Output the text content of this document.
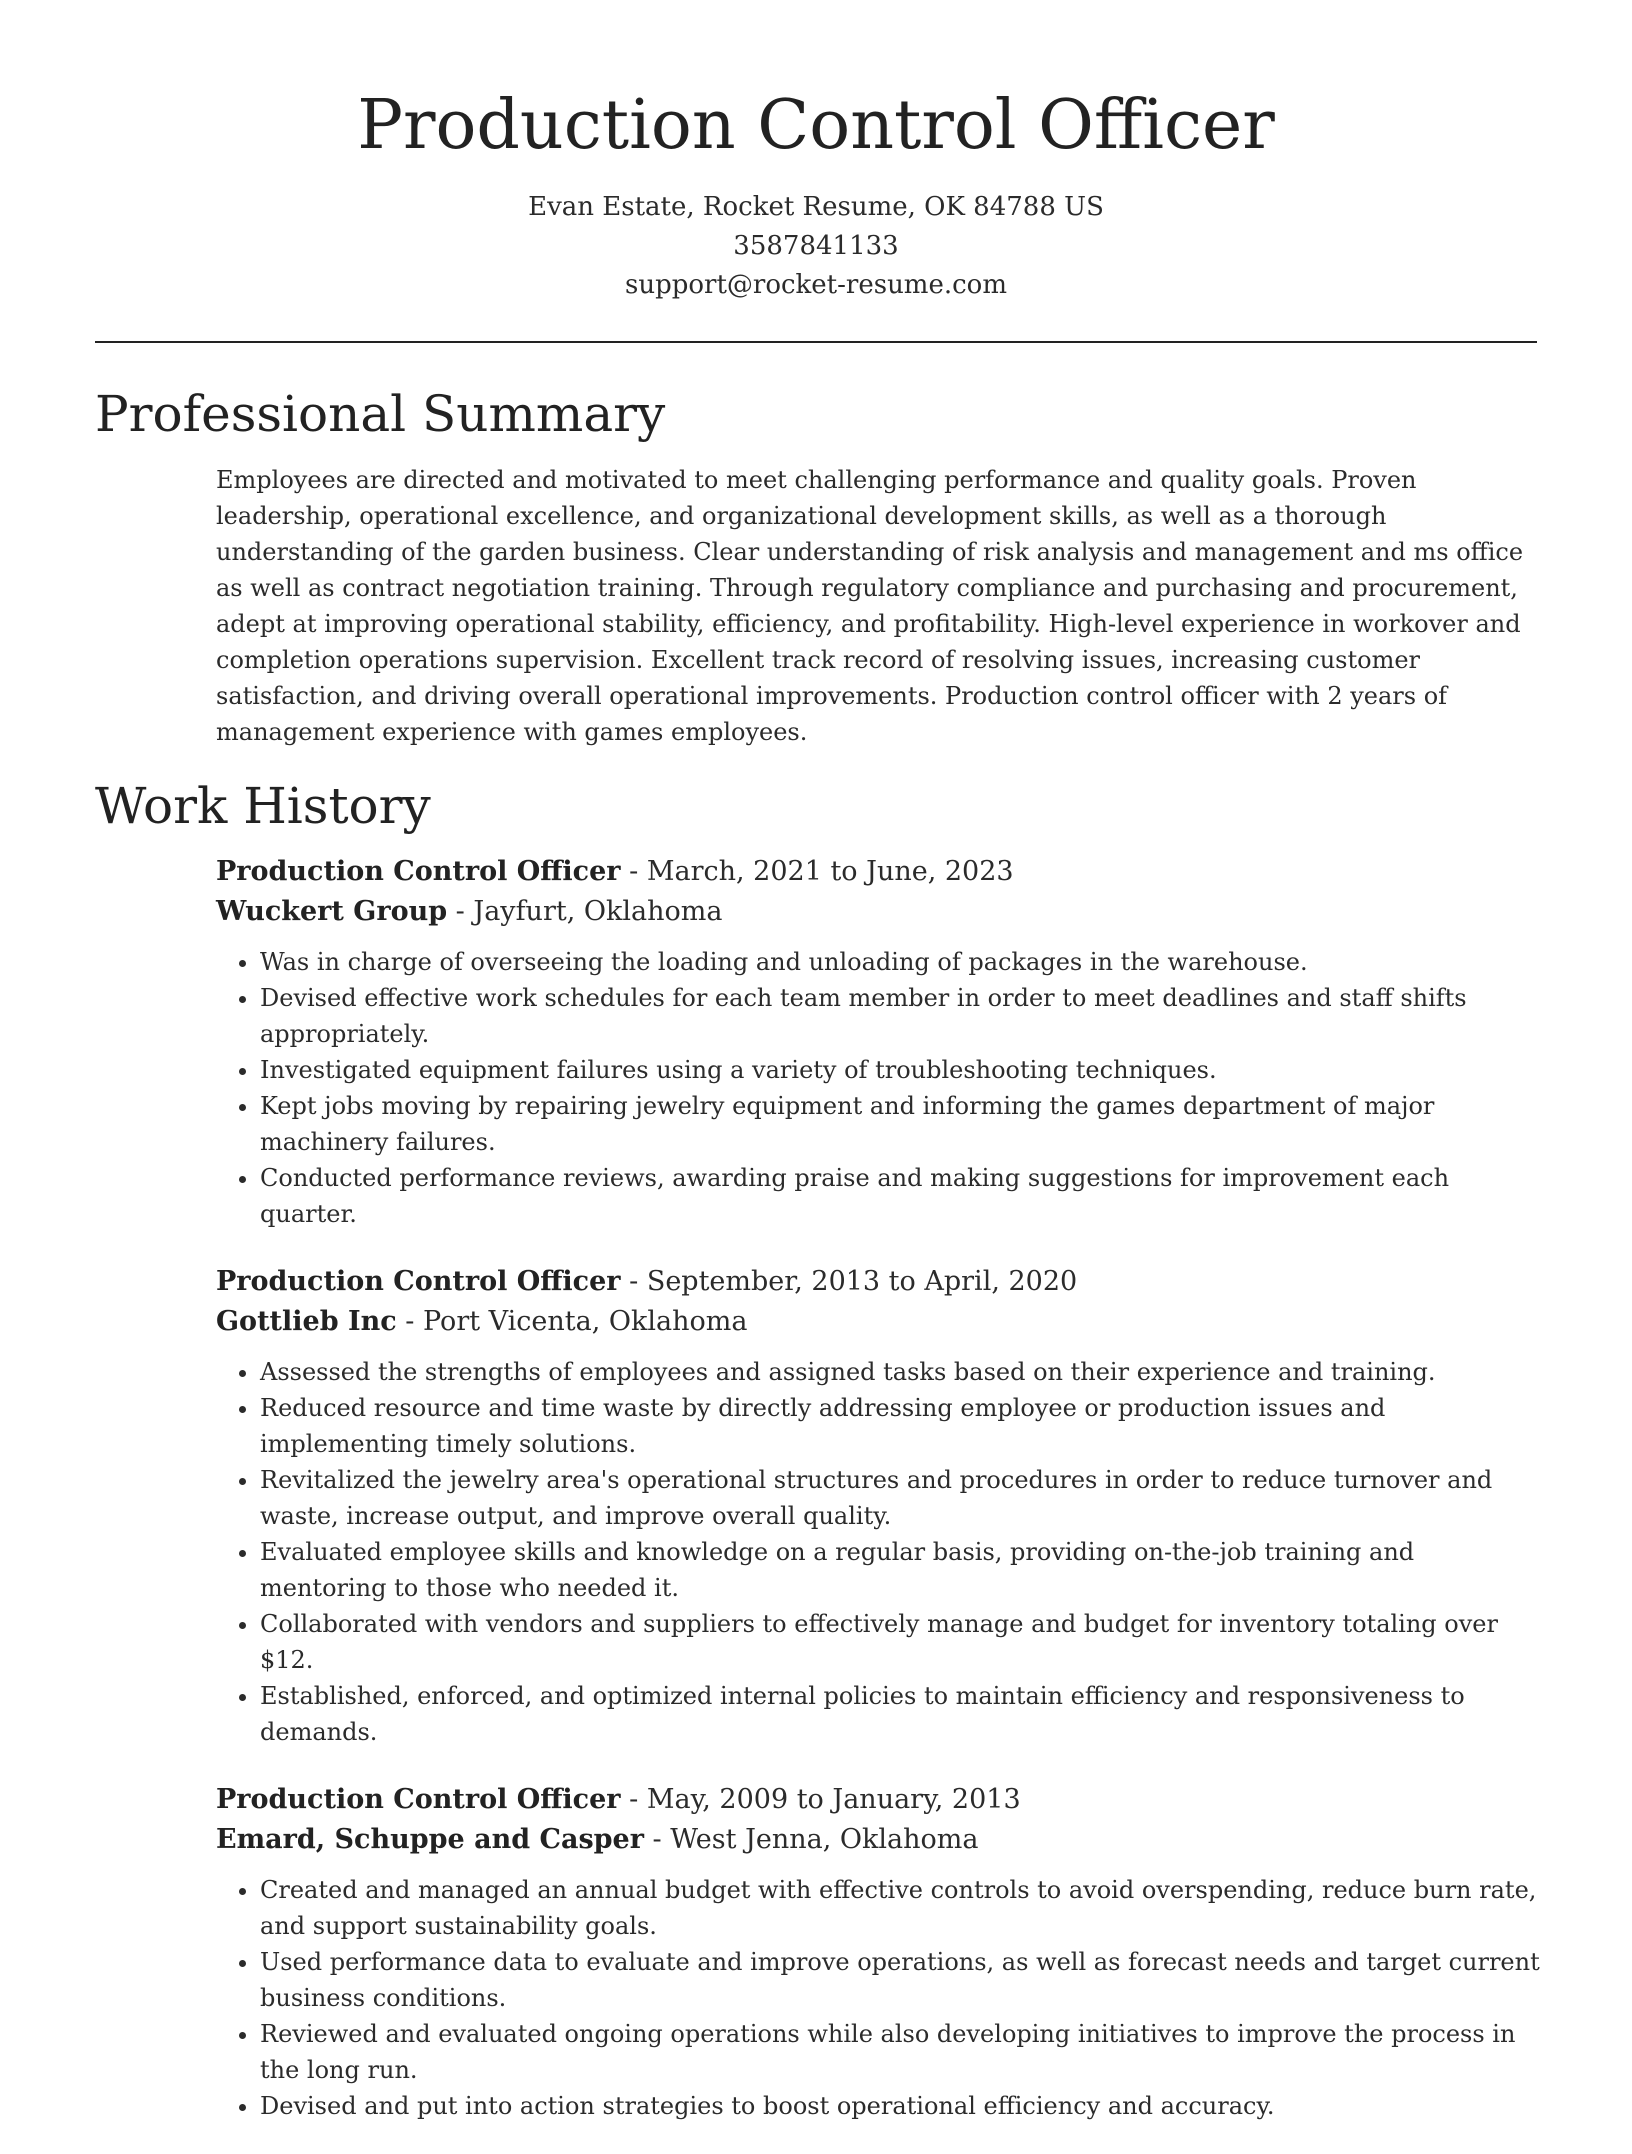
Production Control Officer
Evan Estate, Rocket Resume, OK 84788 US
3587841133
support@rocket-resume.com
Professional Summary

Employees are directed and motivated to meet challenging performance and quality goals. Proven leadership, operational excellence, and organizational development skills, as well as a thorough understanding of the garden business. Clear understanding of risk analysis and management and ms office as well as contract negotiation training. Through regulatory compliance and purchasing and procurement, adept at improving operational stability, efficiency, and profitability. High-level experience in workover and completion operations supervision. Excellent track record of resolving issues, increasing customer satisfaction, and driving overall operational improvements. Production control officer with 2 years of management experience with games employees.

Work History
Production Control Officer - March, 2021 to June, 2023
Wuckert Group - Jayfurt, Oklahoma
• Was in charge of overseeing the loading and unloading of packages in the warehouse.
• Devised effective work schedules for each team member in order to meet deadlines and staff shifts appropriately.
• Investigated equipment failures using a variety of troubleshooting techniques.
• Kept jobs moving by repairing jewelry equipment and informing the games department of major machinery failures.
• Conducted performance reviews, awarding praise and making suggestions for improvement each quarter.
Production Control Officer - September, 2013 to April, 2020
Gottlieb Inc - Port Vicenta, Oklahoma
• Assessed the strengths of employees and assigned tasks based on their experience and training.
• Reduced resource and time waste by directly addressing employee or production issues and implementing timely solutions.
• Revitalized the jewelry area's operational structures and procedures in order to reduce turnover and waste, increase output, and improve overall quality.
• Evaluated employee skills and knowledge on a regular basis, providing on-the-job training and mentoring to those who needed it.
• Collaborated with vendors and suppliers to effectively manage and budget for inventory totaling over $12.
• Established, enforced, and optimized internal policies to maintain efficiency and responsiveness to demands.
Production Control Officer - May, 2009 to January, 2013
Emard, Schuppe and Casper - West Jenna, Oklahoma
• Created and managed an annual budget with effective controls to avoid overspending, reduce burn rate, and support sustainability goals.
• Used performance data to evaluate and improve operations, as well as forecast needs and target current business conditions.
• Reviewed and evaluated ongoing operations while also developing initiatives to improve the process in the long run.
• Devised and put into action strategies to boost operational efficiency and accuracy.
